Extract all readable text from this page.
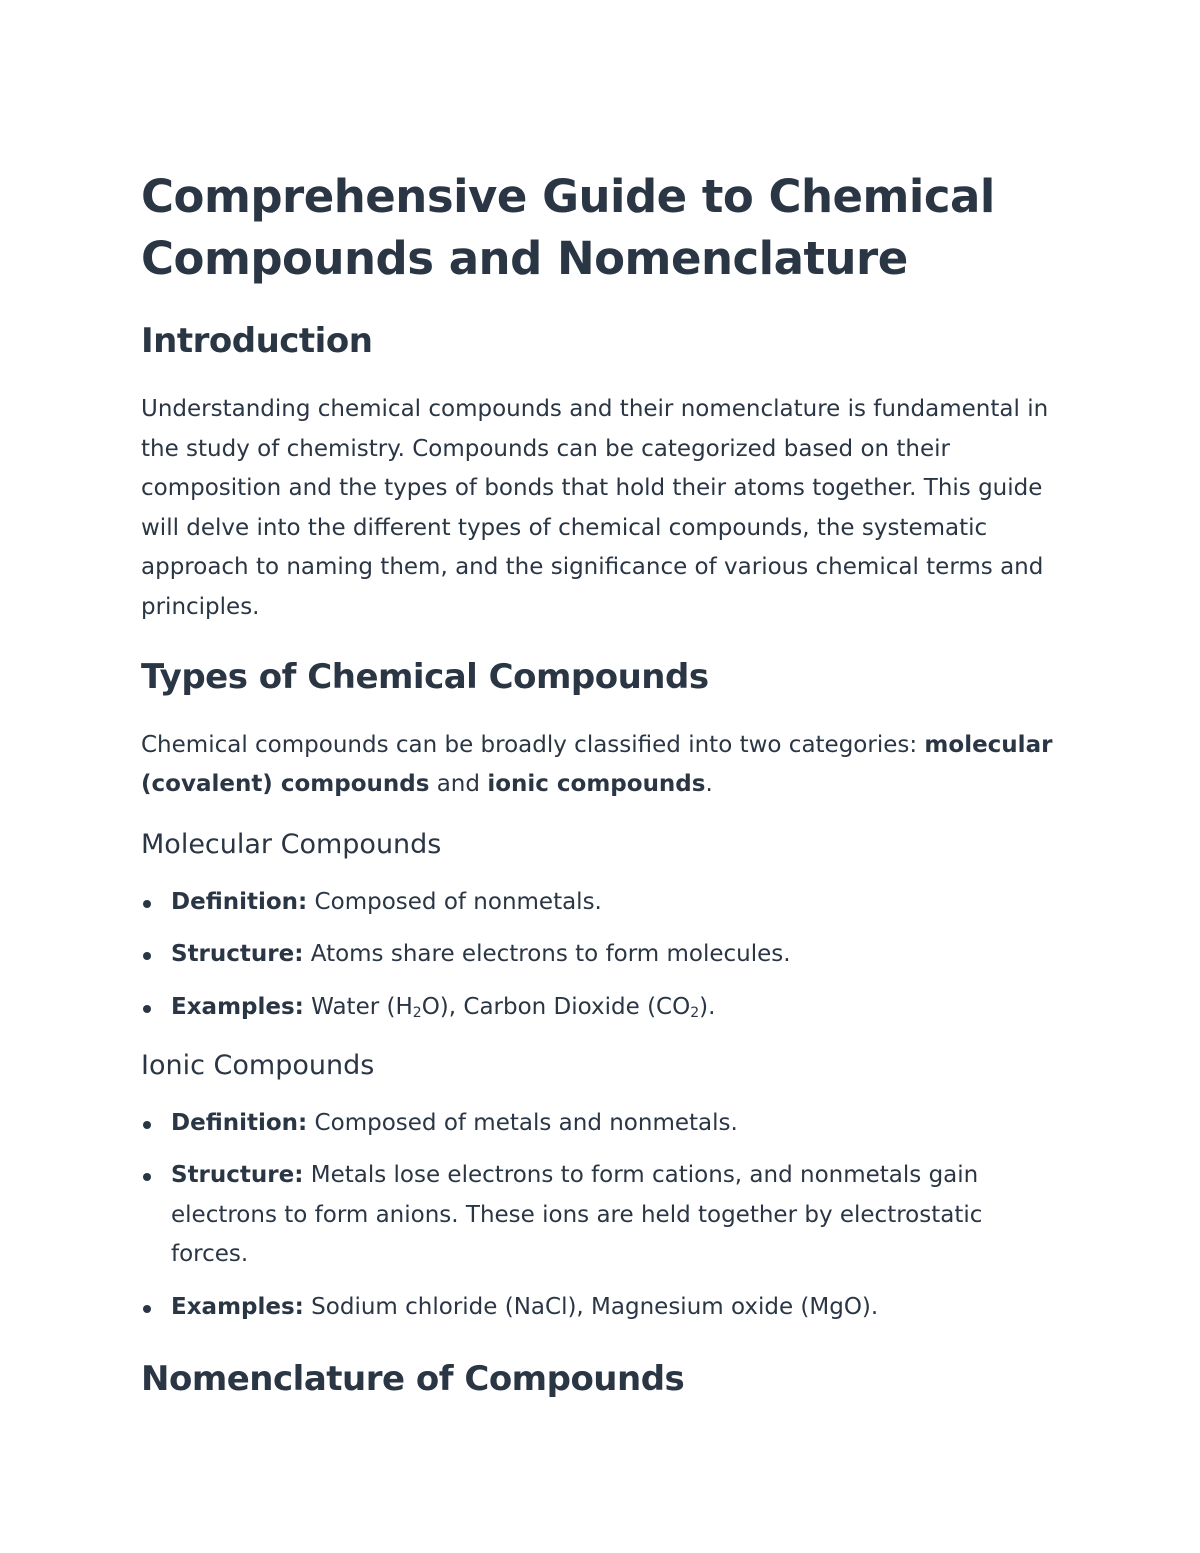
Comprehensive Guide to Chemical Compounds and Nomenclature
Introduction

Understanding chemical compounds and their nomenclature is fundamental in the study of chemistry. Compounds can be categorized based on their composition and the types of bonds that hold their atoms together. This guide will delve into the different types of chemical compounds, the systematic approach to naming them, and the significance of various chemical terms and principles.

Types of Chemical Compounds

Chemical compounds can be broadly classified into two categories: molecular (covalent) compounds and ionic compounds.

Molecular Compounds
Definition: Composed of nonmetals.
Structure: Atoms share electrons to form molecules.
Examples: Water $(H_2O)$, Carbon Dioxide $(CO_2)$.
Ionic Compounds
Definition: Composed of metals and nonmetals.
Structure: Metals lose electrons to form cations, and nonmetals gain electrons to form anions. These ions are held together by electrostatic forces.
Examples: Sodium chloride (NaCl), Magnesium oxide (MgO).
Nomenclature of Compounds
